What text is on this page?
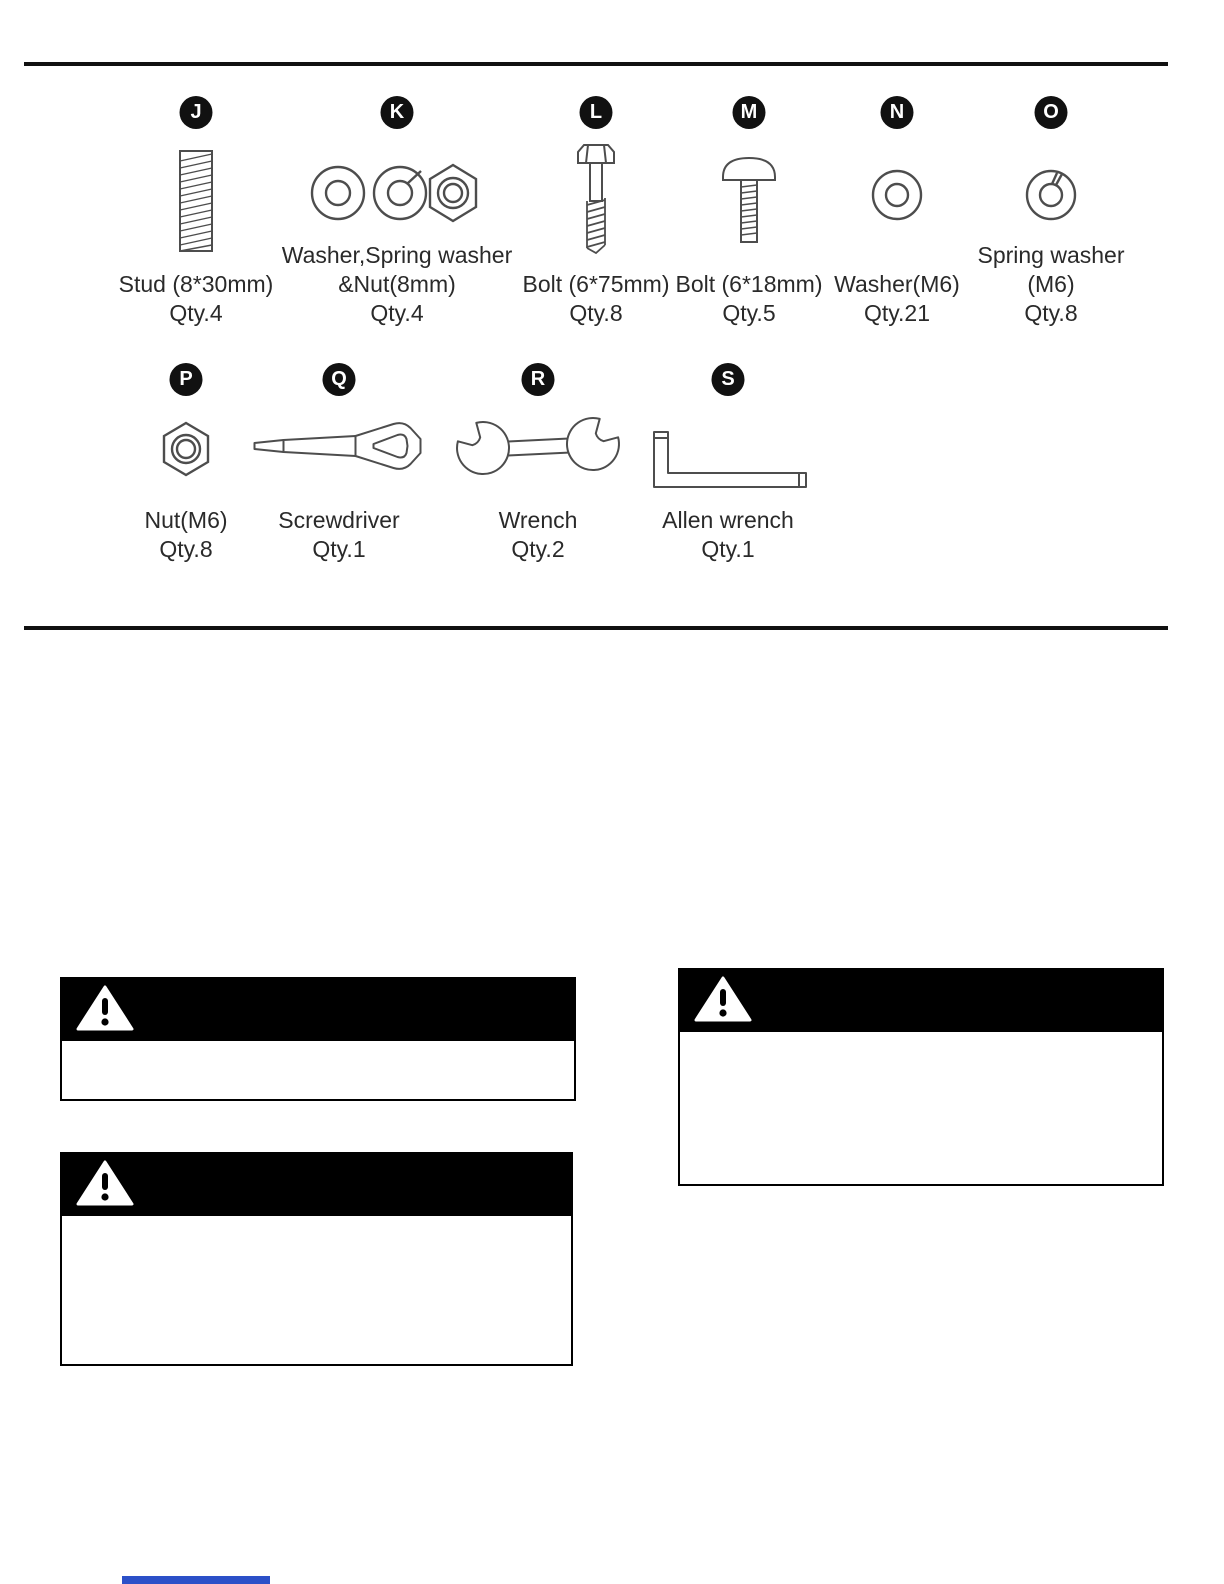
J
Stud (8*30mm)
Qty.4
K
Washer,Spring washer &Nut(8mm)
Qty.4
L
Bolt (6*75mm)
Qty.8
M
Bolt (6*18mm)
Qty.5
N
Washer(M6)
Qty.21
O
Spring washer (M6)
Qty.8
P
Nut(M6)
Qty.8
Q
Screwdriver
Qty.1
R
Wrench
Qty.2
S
Allen wrench
Qty.1
